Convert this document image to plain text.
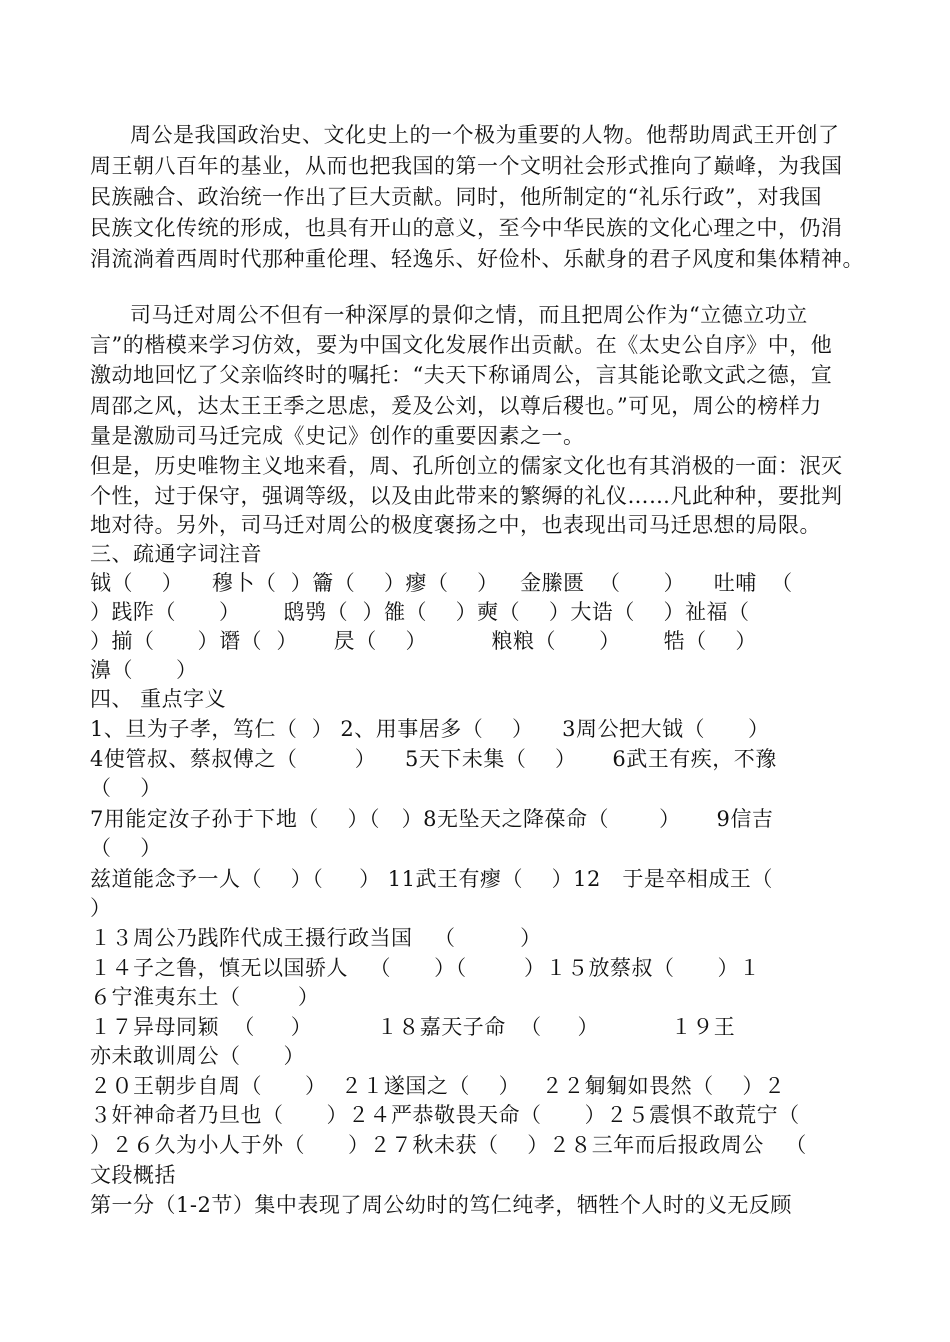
周公是我国政治史、文化史上的一个极为重要的人物。他帮助周武王开创了
周王朝八百年的基业，从而也把我国的第一个文明社会形式推向了巅峰，为我国
民族融合、政治统一作出了巨大贡献。同时，他所制定的“礼乐行政”，对我国
民族文化传统的形成，也具有开山的意义，至今中华民族的文化心理之中，仍涓
涓流淌着西周时代那种重伦理、轻逸乐、好俭朴、乐献身的君子风度和集体精神。
司马迁对周公不但有一种深厚的景仰之情，而且把周公作为“立德立功立
言”的楷模来学习仿效，要为中国文化发展作出贡献。在《太史公自序》中，他
激动地回忆了父亲临终时的嘱托：“夫天下称诵周公，言其能论歌文武之德，宣
周邵之风，达太王王季之思虑，爰及公刘，以尊后稷也。”可见，周公的榜样力
量是激励司马迁完成《史记》创作的重要因素之一。
但是，历史唯物主义地来看，周、孔所创立的儒家文化也有其消极的一面：泯灭
个性，过于保守，强调等级，以及由此带来的繁缛的礼仪……凡此种种，要批判
地对待。另外，司马迁对周公的极度褒扬之中，也表现出司马迁思想的局限。
三、疏通字词注音
钺（    ）    穆卜（  ）籥（    ）瘳（    ）   金縢匮  （      ）    吐哺  （
）践阼（      ）      鸱鸮（  ）雒（    ）奭（    ）大诰（    ）祉福（
）揃（      ）谮（  ）     昃（    ）         粮粮（      ）      牿（    ）
濞（      ）
四、 重点字义
1、旦为子孝，笃仁（  ） 2、用事居多（    ）    3周公把大钺（      ）
4使管叔、蔡叔傅之（        ）    5天下未集（    ）     6武王有疾，不豫
（    ）
7用能定汝子孙于下地（    ）（   ）8无坠天之降葆命（       ）     9信吉
（    ）
兹道能念予一人（    ）（     ） 11武王有瘳（    ）12   于是卒相成王（
）
１３周公乃践阼代成王摄行政当国   （         ）
１４子之鲁，慎无以国骄人   （      ）（        ）１５放蔡叔（      ）１
６宁淮夷东土（        ）
１７异母同颖  （     ）         １８嘉天子命  （     ）          １９王
亦未敢训周公（      ）
２０王朝步自周（      ）  ２１遂国之（    ）   ２２匔匔如畏然（    ）２
３奸神命者乃旦也（      ）２４严恭敬畏天命（      ）２５震惧不敢荒宁（
）２６久为小人于外（      ）２７秋未获（    ）２８三年而后报政周公   （
文段概括
第一分（1-2节）集中表现了周公幼时的笃仁纯孝，牺牲个人时的义无反顾
